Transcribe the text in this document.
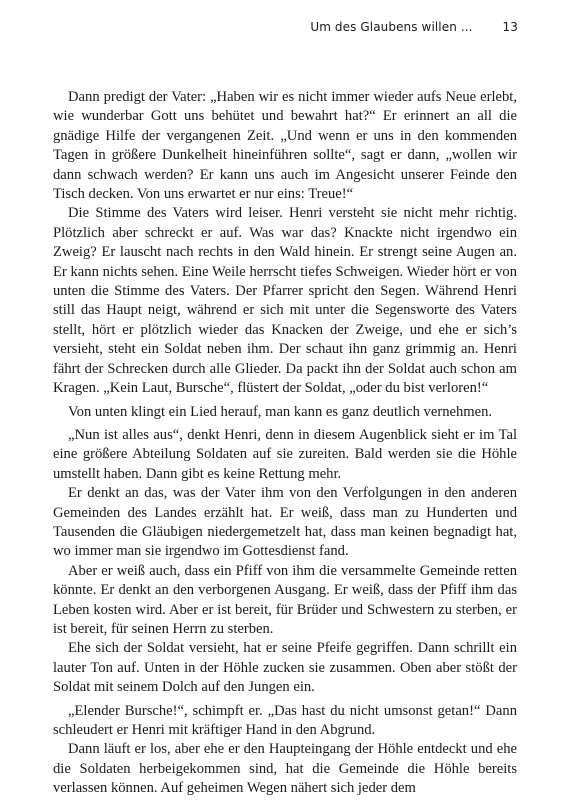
Um des Glaubens willen ... 13

Dann predigt der Vater: „Haben wir es nicht immer wieder aufs Neue erlebt, wie wunderbar Gott uns behütet und bewahrt hat?“ Er erinnert an all die gnädige Hilfe der vergangenen Zeit. „Und wenn er uns in den kommenden Tagen in größere Dunkelheit hineinführen sollte“, sagt er dann, „wollen wir dann schwach werden? Er kann uns auch im Angesicht unserer Feinde den Tisch decken. Von uns erwartet er nur eins: Treue!“

Die Stimme des Vaters wird leiser. Henri versteht sie nicht mehr richtig. Plötzlich aber schreckt er auf. Was war das? Knackte nicht irgendwo ein Zweig? Er lauscht nach rechts in den Wald hinein. Er strengt seine Augen an. Er kann nichts sehen. Eine Weile herrscht tiefes Schweigen. Wieder hört er von unten die Stimme des Vaters. Der Pfarrer spricht den Segen. Während Henri still das Haupt neigt, während er sich mit unter die Segensworte des Vaters stellt, hört er plötzlich wieder das Knacken der Zweige, und ehe er sich’s versieht, steht ein Soldat neben ihm. Der schaut ihn ganz grimmig an. Henri fährt der Schrecken durch alle Glieder. Da packt ihn der Soldat auch schon am Kragen. „Kein Laut, Bursche“, flüstert der Soldat, „oder du bist verloren!“

Von unten klingt ein Lied herauf, man kann es ganz deutlich vernehmen.

„Nun ist alles aus“, denkt Henri, denn in diesem Augenblick sieht er im Tal eine größere Abteilung Soldaten auf sie zureiten. Bald werden sie die Höhle umstellt haben. Dann gibt es keine Rettung mehr.

Er denkt an das, was der Vater ihm von den Verfolgungen in den anderen Gemeinden des Landes erzählt hat. Er weiß, dass man zu Hunderten und Tausenden die Gläubigen niedergemetzelt hat, dass man keinen begnadigt hat, wo immer man sie irgendwo im Gottesdienst fand.

Aber er weiß auch, dass ein Pfiff von ihm die versammelte Gemeinde retten könnte. Er denkt an den verborgenen Ausgang. Er weiß, dass der Pfiff ihm das Leben kosten wird. Aber er ist bereit, für Brüder und Schwestern zu sterben, er ist bereit, für seinen Herrn zu sterben.

Ehe sich der Soldat versieht, hat er seine Pfeife gegriffen. Dann schrillt ein lauter Ton auf. Unten in der Höhle zucken sie zusammen. Oben aber stößt der Soldat mit seinem Dolch auf den Jungen ein.

„Elender Bursche!“, schimpft er. „Das hast du nicht umsonst getan!“ Dann schleudert er Henri mit kräftiger Hand in den Abgrund.

Dann läuft er los, aber ehe er den Haupteingang der Höhle entdeckt und ehe die Soldaten herbeigekommen sind, hat die Gemeinde die Höhle bereits verlassen können. Auf geheimen Wegen nähert sich jeder dem
